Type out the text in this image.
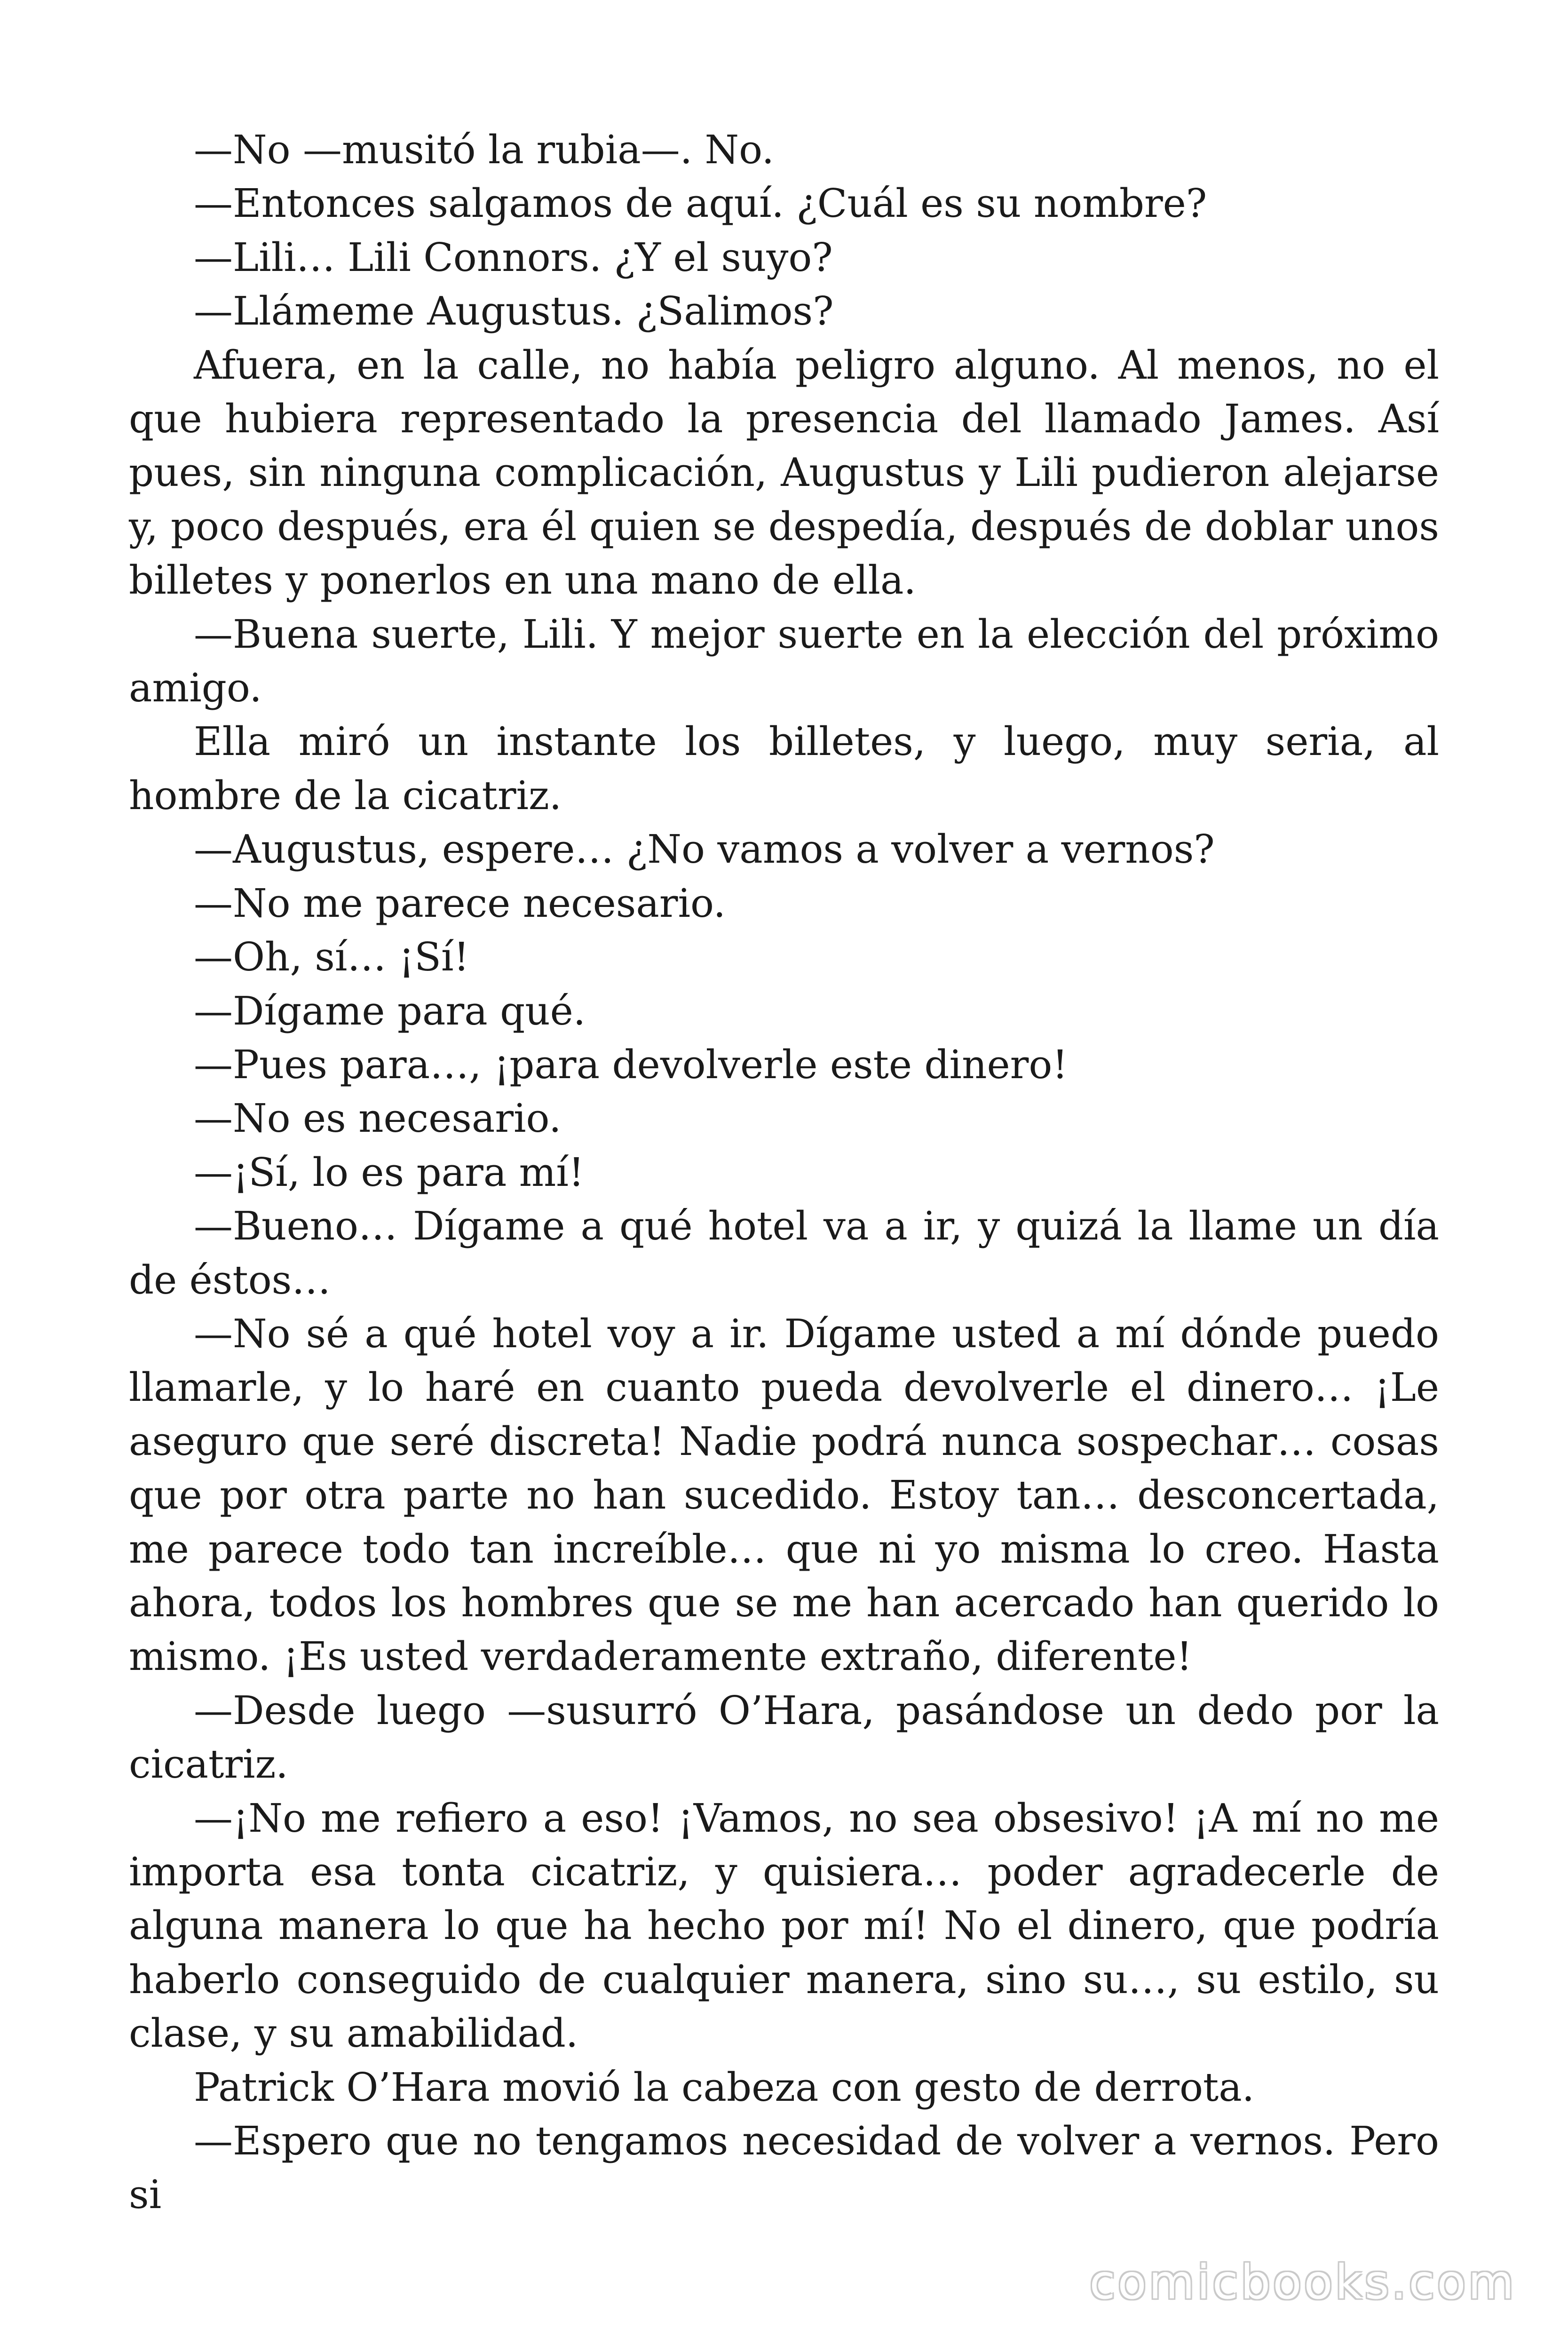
—No —musitó la rubia—. No.

—Entonces salgamos de aquí. ¿Cuál es su nombre?

—Lili… Lili Connors. ¿Y el suyo?

—Llámeme Augustus. ¿Salimos?

Afuera, en la calle, no había peligro alguno. Al menos, no el que hubiera representado la presencia del llamado James. Así pues, sin ninguna complicación, Augustus y Lili pudieron alejarse y, poco después, era él quien se despedía, después de doblar unos billetes y ponerlos en una mano de ella.

—Buena suerte, Lili. Y mejor suerte en la elección del próximo amigo.

Ella miró un instante los billetes, y luego, muy seria, al hombre de la cicatriz.

—Augustus, espere… ¿No vamos a volver a vernos?

—No me parece necesario.

—Oh, sí… ¡Sí!

—Dígame para qué.

—Pues para…, ¡para devolverle este dinero!

—No es necesario.

—¡Sí, lo es para mí!

—Bueno… Dígame a qué hotel va a ir, y quizá la llame un día de éstos…

—No sé a qué hotel voy a ir. Dígame usted a mí dónde puedo llamarle, y lo haré en cuanto pueda devolverle el dinero… ¡Le aseguro que seré discreta! Nadie podrá nunca sospechar… cosas que por otra parte no han sucedido. Estoy tan… desconcertada, me parece todo tan increíble… que ni yo misma lo creo. Hasta ahora, todos los hombres que se me han acercado han querido lo mismo. ¡Es usted verdaderamente extraño, diferente!

—Desde luego —susurró O’Hara, pasándose un dedo por la cicatriz.

—¡No me refiero a eso! ¡Vamos, no sea obsesivo! ¡A mí no me importa esa tonta cicatriz, y quisiera… poder agradecerle de alguna manera lo que ha hecho por mí! No el dinero, que podría haberlo conseguido de cualquier manera, sino su…, su estilo, su clase, y su amabilidad.

Patrick O’Hara movió la cabeza con gesto de derrota.

—Espero que no tengamos necesidad de volver a vernos. Pero si

comicbooks.com
